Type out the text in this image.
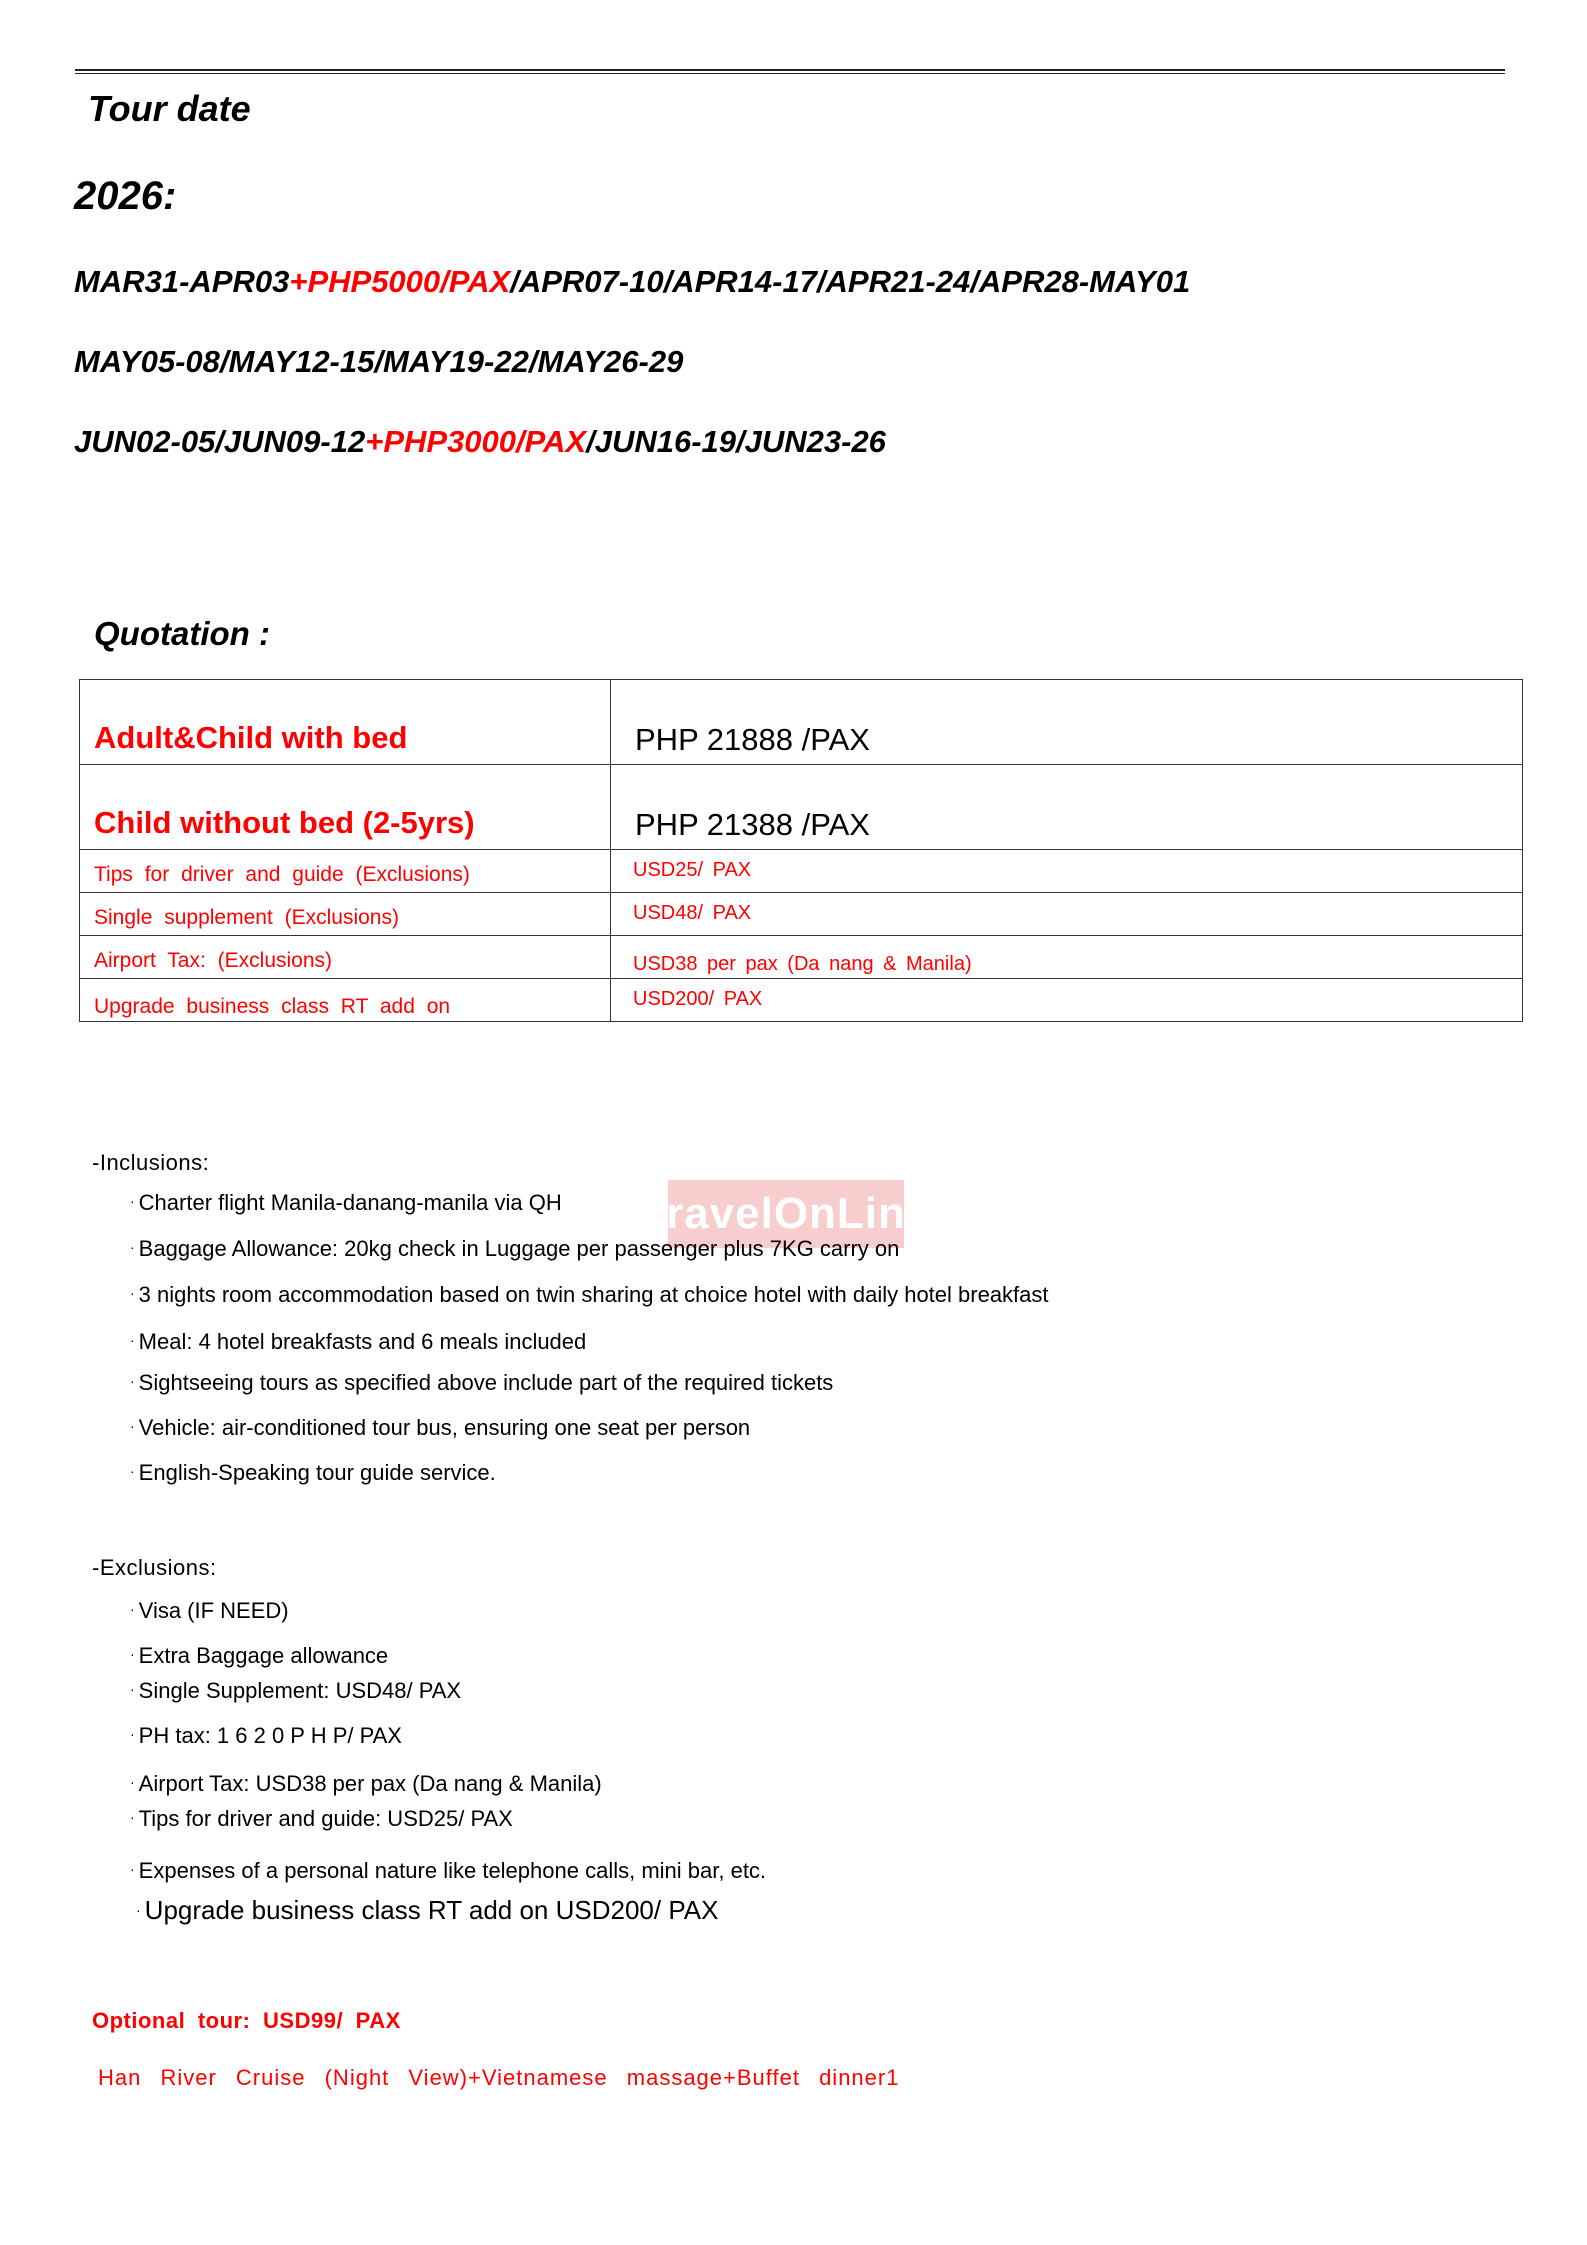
Tour date
2026:
MAR31-APR03+PHP5000/PAX/APR07-10/APR14-17/APR21-24/APR28-MAY01
MAY05-08/MAY12-15/MAY19-22/MAY26-29
JUN02-05/JUN09-12+PHP3000/PAX/JUN16-19/JUN23-26
Quotation :
Adult&Child with bed	PHP 21888 /PAX

Child without bed (2-5yrs)	PHP 21388 /PAX

Tips for driver and guide (Exclusions)	USD25/ PAX

Single supplement (Exclusions)	USD48/ PAX

Airport Tax: (Exclusions)	USD38 per pax (Da nang & Manila)

Upgrade business class RT add on	USD200/ PAX
TravelOnLine
-Inclusions:
· Charter flight Manila-danang-manila via QH
· Baggage Allowance: 20kg check in Luggage per passenger plus 7KG carry on
· 3 nights room accommodation based on twin sharing at choice hotel with daily hotel breakfast
· Meal: 4 hotel breakfasts and 6 meals included
· Sightseeing tours as specified above include part of the required tickets
· Vehicle: air-conditioned tour bus, ensuring one seat per person
· English-Speaking tour guide service.
-Exclusions:
· Visa (IF NEED)
· Extra Baggage allowance
· Single Supplement: USD48/ PAX
· PH tax: 1 6 2 0 P H P/ PAX
· Airport Tax: USD38 per pax (Da nang & Manila)
· Tips for driver and guide: USD25/ PAX
· Expenses of a personal nature like telephone calls, mini bar, etc.
· Upgrade business class RT add on USD200/ PAX
Optional tour: USD99/ PAX
Han River Cruise (Night View)+Vietnamese massage+Buffet dinner1
